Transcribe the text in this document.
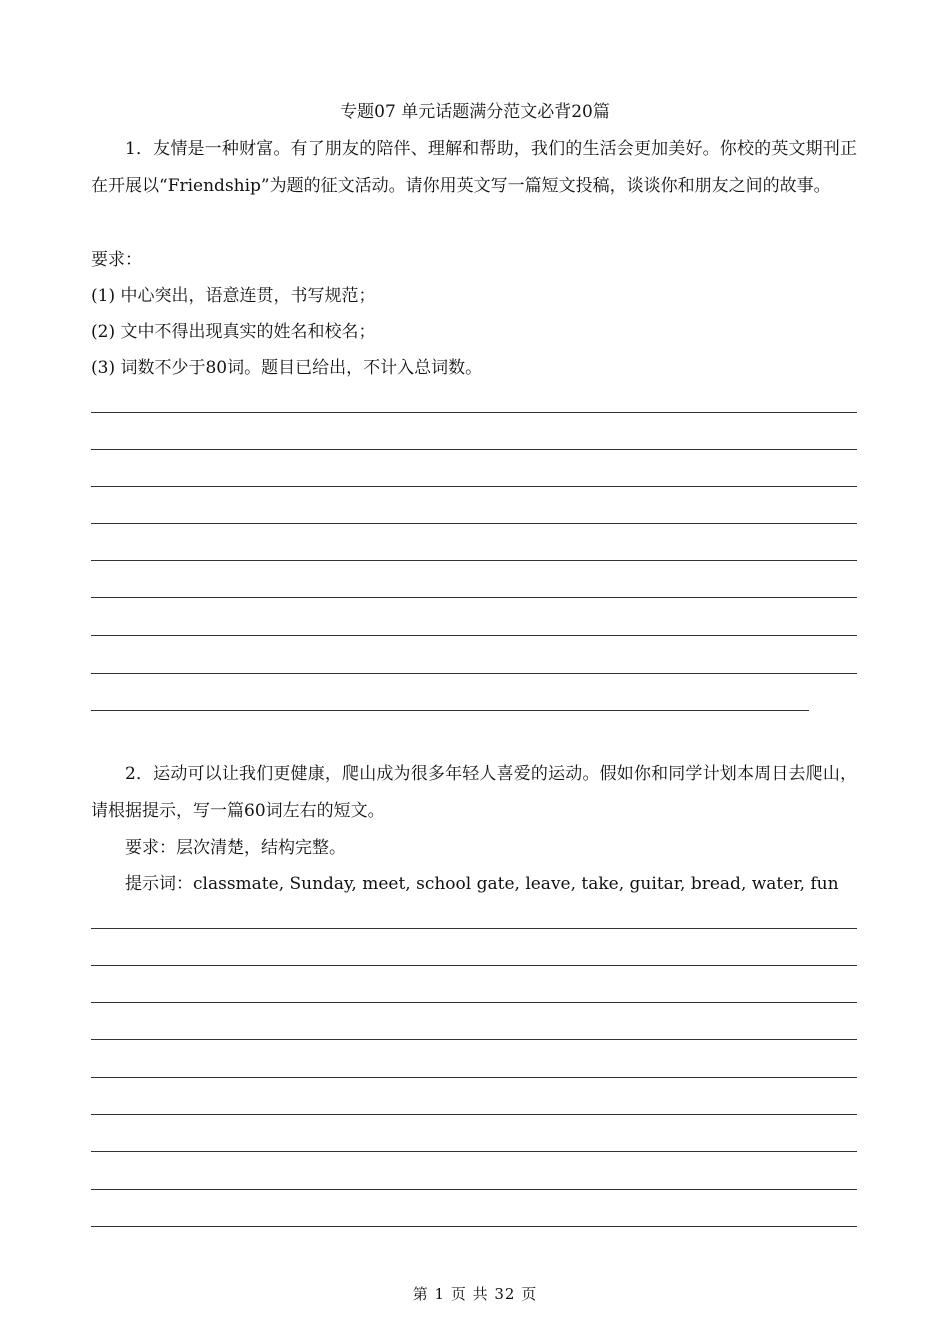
专题07 单元话题满分范文必背20篇
1．友情是一种财富。有了朋友的陪伴、理解和帮助，我们的生活会更加美好。你校的英文期刊正在开展以“Friendship”为题的征文活动。请你用英文写一篇短文投稿，谈谈你和朋友之间的故事。
要求：
(1) 中心突出，语意连贯，书写规范；
(2) 文中不得出现真实的姓名和校名；
(3) 词数不少于80词。题目已给出，不计入总词数。
2．运动可以让我们更健康，爬山成为很多年轻人喜爱的运动。假如你和同学计划本周日去爬山，请根据提示，写一篇60词左右的短文。
要求：层次清楚，结构完整。
提示词：classmate, Sunday, meet, school gate, leave, take, guitar, bread, water, fun
第 1 页 共 32 页
